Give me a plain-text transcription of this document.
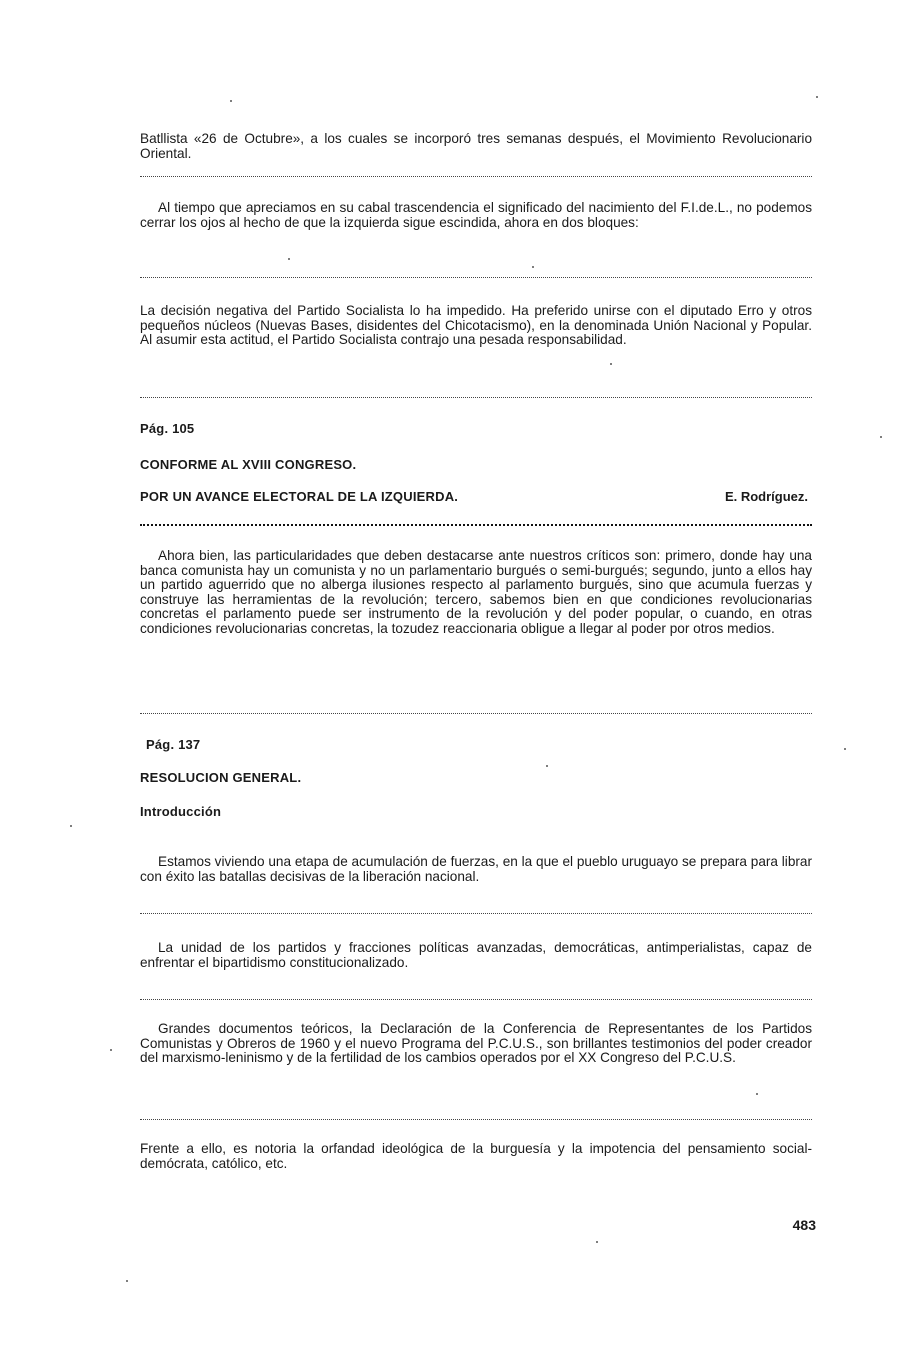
Batllista «26 de Octubre», a los cuales se incorporó tres semanas después, el Movimiento Revolucionario Oriental.

Al tiempo que apreciamos en su cabal trascendencia el significado del nacimiento del F.I.de.L., no podemos cerrar los ojos al hecho de que la izquierda sigue escindida, ahora en dos bloques:

La decisión negativa del Partido Socialista lo ha impedido. Ha preferido unirse con el diputado Erro y otros pequeños núcleos (Nuevas Bases, disidentes del Chicotacismo), en la denominada Unión Nacional y Popular. Al asumir esta actitud, el Partido Socialista contrajo una pesada responsabilidad.

Pág. 105

CONFORME AL XVIII CONGRESO.

POR UN AVANCE ELECTORAL DE LA IZQUIERDA.	E. Rodríguez.

Ahora bien, las particularidades que deben destacarse ante nuestros críticos son: primero, donde hay una banca comunista hay un comunista y no un parlamentario burgués o semi-burgués; segundo, junto a ellos hay un partido aguerrido que no alberga ilusiones respecto al parlamento burgués, sino que acumula fuerzas y construye las herramientas de la revolución; tercero, sabemos bien en que condiciones revolucionarias concretas el parlamento puede ser instrumento de la revolución y del poder popular, o cuando, en otras condiciones revolucionarias concretas, la tozudez reaccionaria obligue a llegar al poder por otros medios.

Pág. 137

RESOLUCION GENERAL.

Introducción

Estamos viviendo una etapa de acumulación de fuerzas, en la que el pueblo uruguayo se prepara para librar con éxito las batallas decisivas de la liberación nacional.

La unidad de los partidos y fracciones políticas avanzadas, democráticas, antimperialistas, capaz de enfrentar el bipartidismo constitucionalizado.

Grandes documentos teóricos, la Declaración de la Conferencia de Representantes de los Partidos Comunistas y Obreros de 1960 y el nuevo Programa del P.C.U.S., son brillantes testimonios del poder creador del marxismo-leninismo y de la fertilidad de los cambios operados por el XX Congreso del P.C.U.S.

Frente a ello, es notoria la orfandad ideológica de la burguesía y la impotencia del pensamiento social-demócrata, católico, etc.

483
